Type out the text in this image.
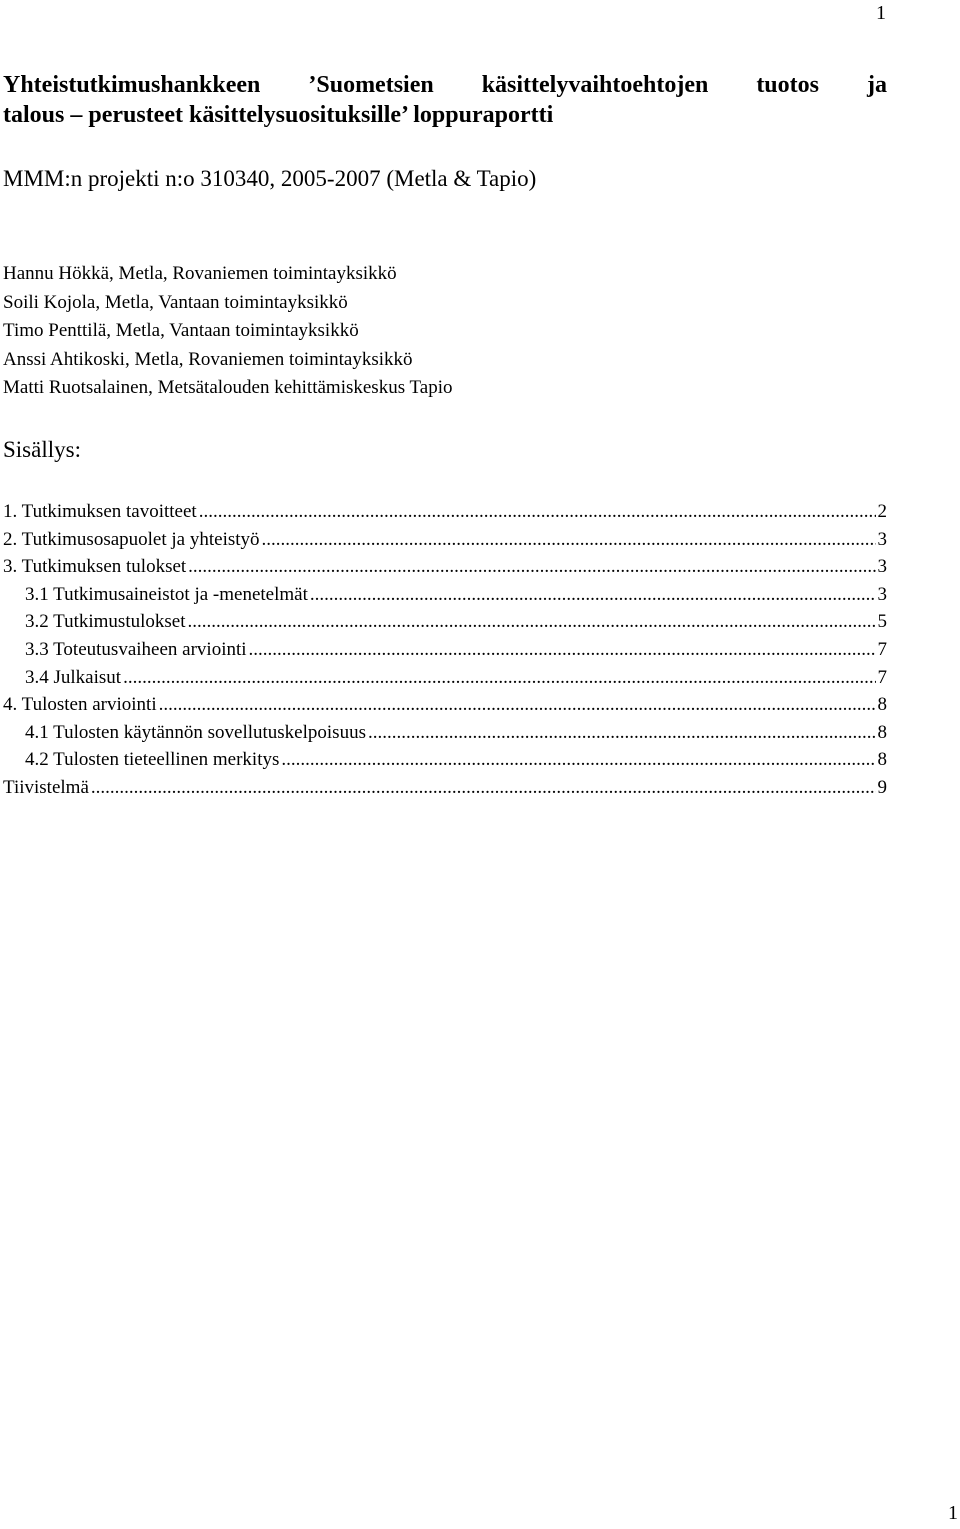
1
Yhteistutkimushankkeen ’Suometsien käsittelyvaihtoehtojen tuotos ja
talous – perusteet käsittelysuosituksille’ loppuraportti
MMM:n projekti n:o 310340, 2005-2007 (Metla & Tapio)
Hannu Hökkä, Metla, Rovaniemen toimintayksikkö
Soili Kojola, Metla, Vantaan toimintayksikkö
Timo Penttilä, Metla, Vantaan toimintayksikkö
Anssi Ahtikoski, Metla, Rovaniemen toimintayksikkö
Matti Ruotsalainen, Metsätalouden kehittämiskeskus Tapio
Sisällys:
1. Tutkimuksen tavoitteet .....	2
2. Tutkimusosapuolet ja yhteistyö .....	3
3. Tutkimuksen tulokset .....	3
3.1 Tutkimusaineistot ja -menetelmät .....	3
3.2 Tutkimustulokset .....	5
3.3 Toteutusvaiheen arviointi .....	7
3.4 Julkaisut .....	7
4. Tulosten arviointi .....	8
4.1 Tulosten käytännön sovellutuskelpoisuus .....	8
4.2 Tulosten tieteellinen merkitys .....	8
Tiivistelmä .....	9
1
